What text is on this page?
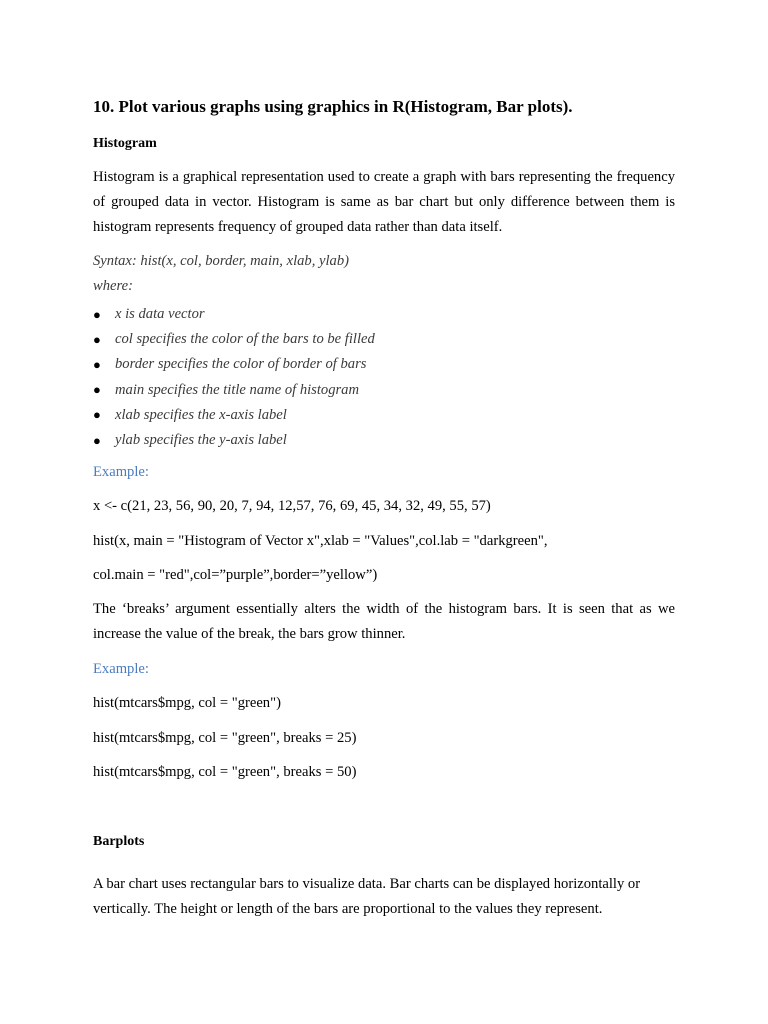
10. Plot various graphs using graphics in R(Histogram, Bar plots).
Histogram

Histogram is a graphical representation used to create a graph with bars representing the frequency of grouped data in vector. Histogram is same as bar chart but only difference between them is histogram represents frequency of grouped data rather than data itself.

Syntax: hist(x, col, border, main, xlab, ylab)

where:

● x is data vector
● col specifies the color of the bars to be filled
● border specifies the color of border of bars
● main specifies the title name of histogram
● xlab specifies the x-axis label
● ylab specifies the y-axis label

Example:

x <- c(21, 23, 56, 90, 20, 7, 94, 12,57, 76, 69, 45, 34, 32, 49, 55, 57)

hist(x, main = "Histogram of Vector x",xlab = "Values",col.lab = "darkgreen",

col.main = "red",col=”purple”,border=”yellow”)

The ‘breaks’ argument essentially alters the width of the histogram bars. It is seen that as we increase the value of the break, the bars grow thinner.

Example:

hist(mtcars$mpg, col = "green")

hist(mtcars$mpg, col = "green", breaks = 25)

hist(mtcars$mpg, col = "green", breaks = 50)

Barplots

A bar chart uses rectangular bars to visualize data. Bar charts can be displayed horizontally or vertically. The height or length of the bars are proportional to the values they represent.
